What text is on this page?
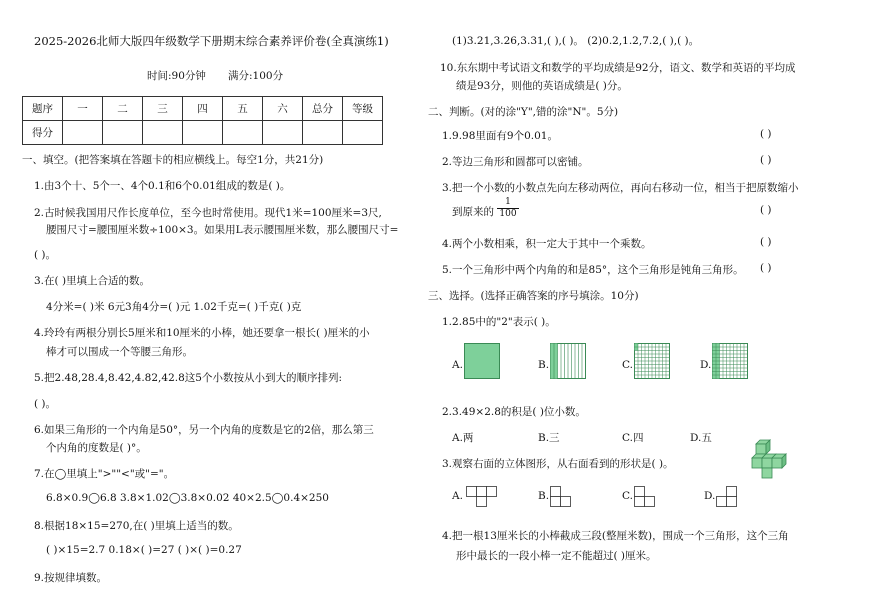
2025-2026北师大版四年级数学下册期末综合素养评价卷(全真演练1)
时间:90分钟 满分:100分
题序	一	二	三	四	五	六	总分	等级
得分								
一、填空。(把答案填在答题卡的相应横线上。每空1分，共21分)
1.由3个十、5个一、4个0.1和6个0.01组成的数是( )。
2.古时候我国用尺作长度单位，至今也时常使用。现代1米=100厘米=3尺,
腰围尺寸=腰围厘米数÷100×3。如果用L表示腰围厘米数，那么腰围尺寸=
( )。
3.在( )里填上合适的数。
4分米=( )米 6元3角4分=( )元 1.02千克=( )千克( )克
4.玲玲有两根分别长5厘米和10厘米的小棒，她还要拿一根长( )厘米的小
棒才可以围成一个等腰三角形。
5.把2.48,28.4,8.42,4.82,42.8这5个小数按从小到大的顺序排列:
( )。
6.如果三角形的一个内角是50°，另一个内角的度数是它的2倍，那么第三
个内角的度数是( )°。
7.在◯里填上">""<"或"="。
6.8×0.9◯6.8 3.8×1.02◯3.8×0.02 40×2.5◯0.4×250
8.根据18×15=270,在( )里填上适当的数。
( )×15=2.7 0.18×( )=27 ( )×( )=0.27
9.按规律填数。
(1)3.21,3.26,3.31,( ),( )。 (2)0.2,1.2,7.2,( ),( )。
10.东东期中考试语文和数学的平均成绩是92分，语文、数学和英语的平均成
绩是93分，则他的英语成绩是( )分。
二、判断。(对的涂"Y",错的涂"N"。5分)
1.9.98里面有9个0.01。	( )
2.等边三角形和圆都可以密铺。	( )
3.把一个小数的小数点先向左移动两位，再向右移动一位，相当于把原数缩小
到原来的 $\frac{1}{100}$	( )
4.两个小数相乘，积一定大于其中一个乘数。	( )
5.一个三角形中两个内角的和是85°，这个三角形是钝角三角形。 ( )
三、选择。(选择正确答案的序号填涂。10分)
1.2.85中的"2"表示( )。
A.	B.	C.	D.
2.3.49×2.8的积是( )位小数。
A.两	B.三	C.四	D.五
3.观察右面的立体图形，从右面看到的形状是( )。
A.	B.	C.	D.
4.把一根13厘米长的小棒截成三段(整厘米数)，围成一个三角形，这个三角
形中最长的一段小棒一定不能超过( )厘米。
